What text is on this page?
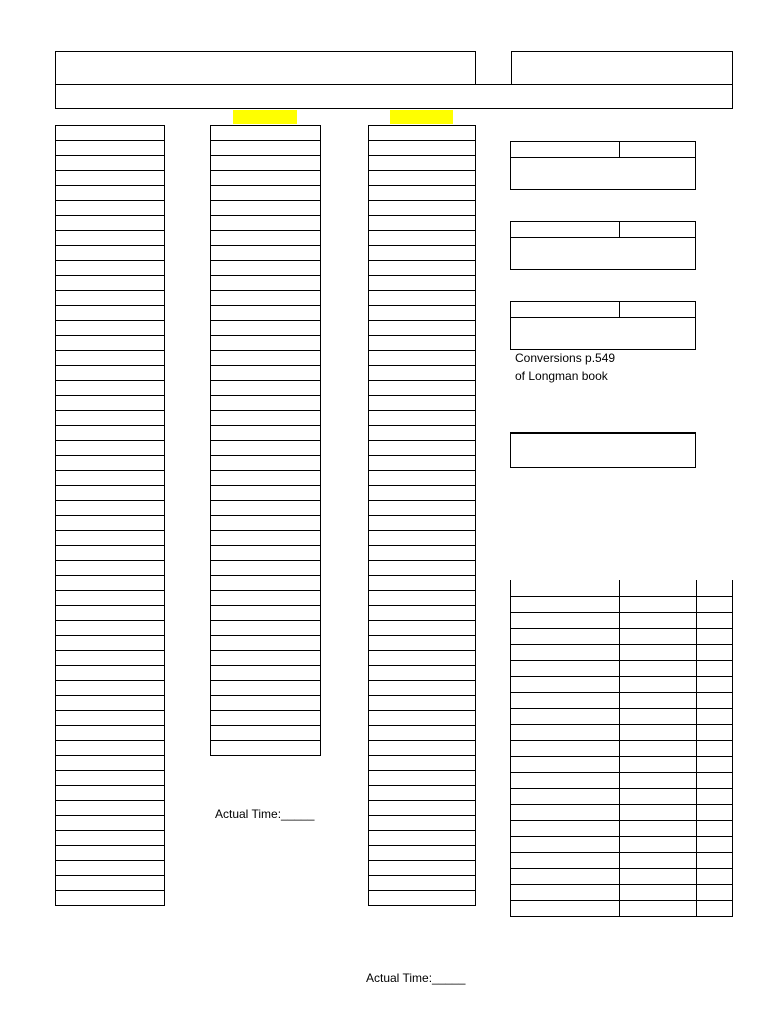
Conversions p.549
of Longman book
Actual Time:_____
Actual Time:_____
